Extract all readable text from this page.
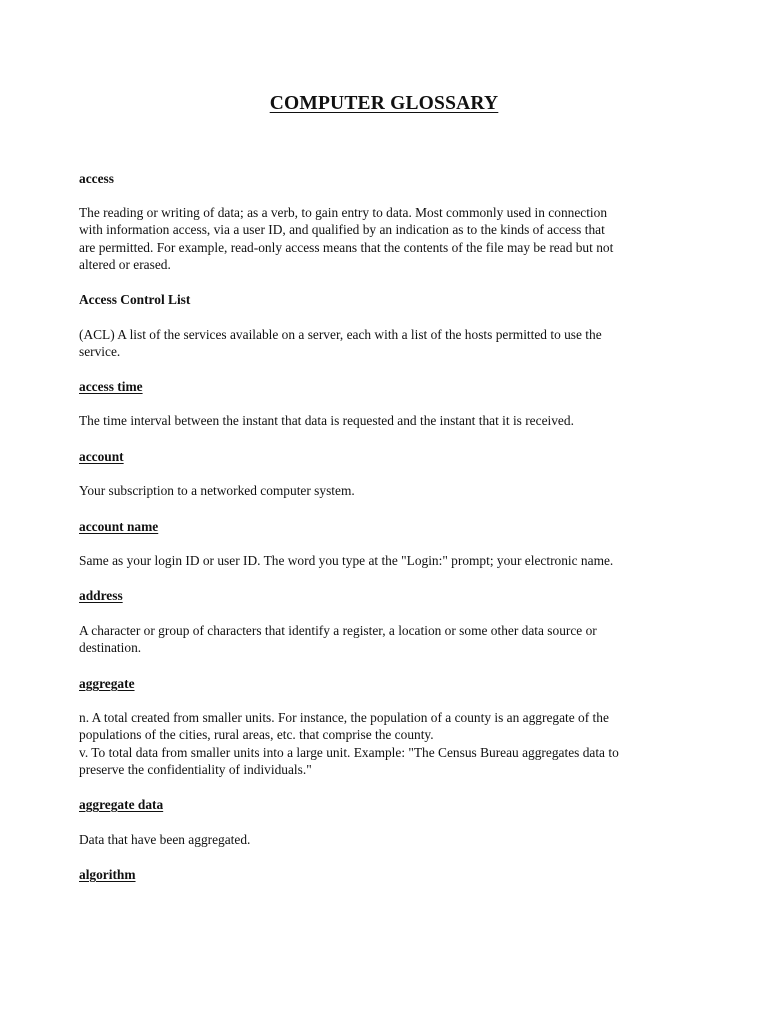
COMPUTER GLOSSARY
access
The reading or writing of data; as a verb, to gain entry to data. Most commonly used in connection
with information access, via a user ID, and qualified by an indication as to the kinds of access that
are permitted. For example, read-only access means that the contents of the file may be read but not
altered or erased.
Access Control List
(ACL) A list of the services available on a server, each with a list of the hosts permitted to use the
service.
access time
The time interval between the instant that data is requested and the instant that it is received.
account
Your subscription to a networked computer system.
account name
Same as your login ID or user ID. The word you type at the "Login:" prompt; your electronic name.
address
A character or group of characters that identify a register, a location or some other data source or
destination.
aggregate
n. A total created from smaller units. For instance, the population of a county is an aggregate of the
populations of the cities, rural areas, etc. that comprise the county.
v. To total data from smaller units into a large unit. Example: "The Census Bureau aggregates data to
preserve the confidentiality of individuals."
aggregate data
Data that have been aggregated.
algorithm
